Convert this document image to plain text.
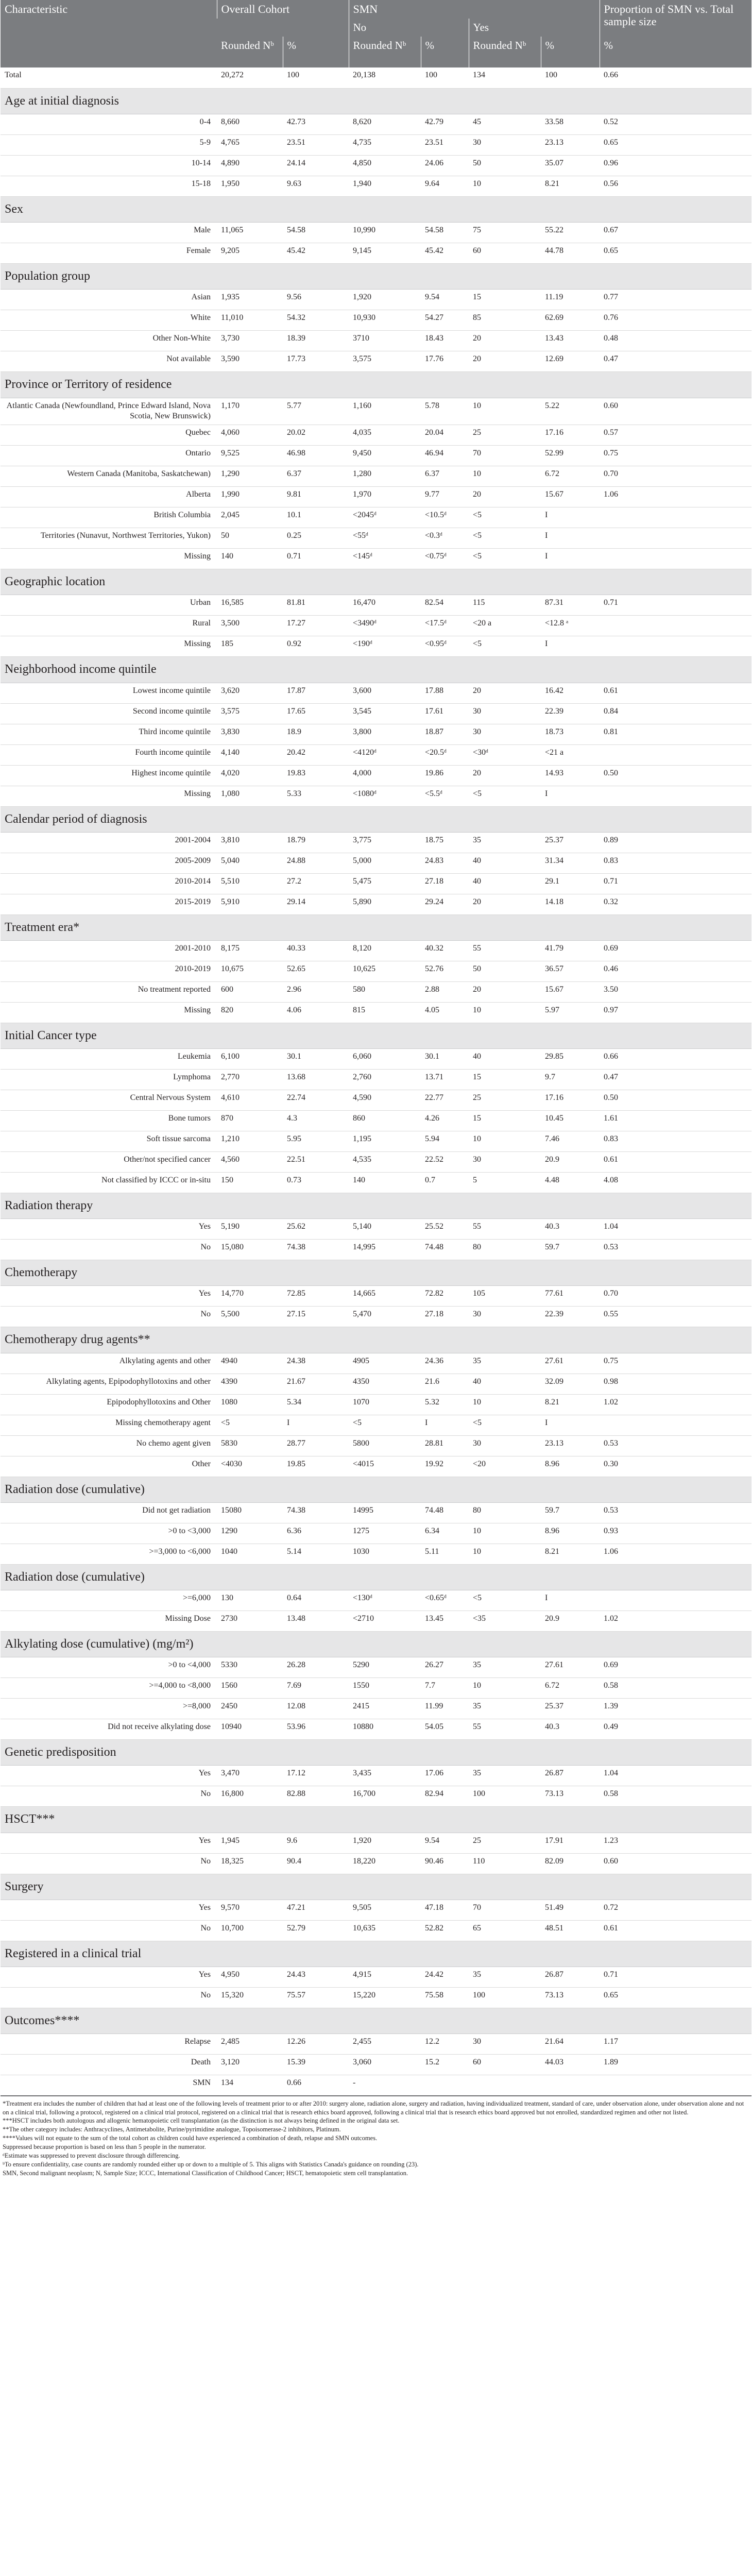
Characteristic	Overall Cohort		SMN				Proportion of SMN vs. Total sample size
			No		Yes		
	Rounded Nᵇ	%	Rounded Nᵇ	%	Rounded Nᵇ	%	%
Total	20,272	100	20,138	100	134	100	0.66
Age at initial diagnosis							
0-4	8,660	42.73	8,620	42.79	45	33.58	0.52
5-9	4,765	23.51	4,735	23.51	30	23.13	0.65
10-14	4,890	24.14	4,850	24.06	50	35.07	0.96
15-18	1,950	9.63	1,940	9.64	10	8.21	0.56
Sex							
Male	11,065	54.58	10,990	54.58	75	55.22	0.67
Female	9,205	45.42	9,145	45.42	60	44.78	0.65
Population group							
Asian	1,935	9.56	1,920	9.54	15	11.19	0.77
White	11,010	54.32	10,930	54.27	85	62.69	0.76
Other Non-White	3,730	18.39	3710	18.43	20	13.43	0.48
Not available	3,590	17.73	3,575	17.76	20	12.69	0.47
Province or Territory of residence							
Atlantic Canada (Newfoundland, Prince Edward Island, Nova Scotia, New Brunswick)	1,170	5.77	1,160	5.78	10	5.22	0.60
Quebec	4,060	20.02	4,035	20.04	25	17.16	0.57
Ontario	9,525	46.98	9,450	46.94	70	52.99	0.75
Western Canada (Manitoba, Saskatchewan)	1,290	6.37	1,280	6.37	10	6.72	0.70
Alberta	1,990	9.81	1,970	9.77	20	15.67	1.06
British Columbia	2,045	10.1	<2045ᵈ	<10.5ᵈ	<5	I	
Territories (Nunavut, Northwest Territories, Yukon)	50	0.25	<55ᵈ	<0.3ᵈ	<5	I	
Missing	140	0.71	<145ᵈ	<0.75ᵈ	<5	I	
Geographic location							
Urban	16,585	81.81	16,470	82.54	115	87.31	0.71
Rural	3,500	17.27	<3490ᵈ	<17.5ᵈ	<20 a	<12.8 ᵃ	
Missing	185	0.92	<190ᵈ	<0.95ᵈ	<5	I	
Neighborhood income quintile							
Lowest income quintile	3,620	17.87	3,600	17.88	20	16.42	0.61
Second income quintile	3,575	17.65	3,545	17.61	30	22.39	0.84
Third income quintile	3,830	18.9	3,800	18.87	30	18.73	0.81
Fourth income quintile	4,140	20.42	<4120ᵈ	<20.5ᵈ	<30ᵈ	<21 a	
Highest income quintile	4,020	19.83	4,000	19.86	20	14.93	0.50
Missing	1,080	5.33	<1080ᵈ	<5.5ᵈ	<5	I	
Calendar period of diagnosis							
2001-2004	3,810	18.79	3,775	18.75	35	25.37	0.89
2005-2009	5,040	24.88	5,000	24.83	40	31.34	0.83
2010-2014	5,510	27.2	5,475	27.18	40	29.1	0.71
2015-2019	5,910	29.14	5,890	29.24	20	14.18	0.32
Treatment era*							
2001-2010	8,175	40.33	8,120	40.32	55	41.79	0.69
2010-2019	10,675	52.65	10,625	52.76	50	36.57	0.46
No treatment reported	600	2.96	580	2.88	20	15.67	3.50
Missing	820	4.06	815	4.05	10	5.97	0.97
Initial Cancer type							
Leukemia	6,100	30.1	6,060	30.1	40	29.85	0.66
Lymphoma	2,770	13.68	2,760	13.71	15	9.7	0.47
Central Nervous System	4,610	22.74	4,590	22.77	25	17.16	0.50
Bone tumors	870	4.3	860	4.26	15	10.45	1.61
Soft tissue sarcoma	1,210	5.95	1,195	5.94	10	7.46	0.83
Other/not specified cancer	4,560	22.51	4,535	22.52	30	20.9	0.61
Not classified by ICCC or in-situ	150	0.73	140	0.7	5	4.48	4.08
Radiation therapy							
Yes	5,190	25.62	5,140	25.52	55	40.3	1.04
No	15,080	74.38	14,995	74.48	80	59.7	0.53
Chemotherapy							
Yes	14,770	72.85	14,665	72.82	105	77.61	0.70
No	5,500	27.15	5,470	27.18	30	22.39	0.55
Chemotherapy drug agents**							
Alkylating agents and other	4940	24.38	4905	24.36	35	27.61	0.75
Alkylating agents, Epipodophyllotoxins and other	4390	21.67	4350	21.6	40	32.09	0.98
Epipodophyllotoxins and Other	1080	5.34	1070	5.32	10	8.21	1.02
Missing chemotherapy agent	<5	I	<5	I	<5	I	
No chemo agent given	5830	28.77	5800	28.81	30	23.13	0.53
Other	<4030	19.85	<4015	19.92	<20	8.96	0.30
Radiation dose (cumulative)							
Did not get radiation	15080	74.38	14995	74.48	80	59.7	0.53
>0 to <3,000	1290	6.36	1275	6.34	10	8.96	0.93
>=3,000 to <6,000	1040	5.14	1030	5.11	10	8.21	1.06
Radiation dose (cumulative)							
>=6,000	130	0.64	<130ᵈ	<0.65ᵈ	<5	I	
Missing Dose	2730	13.48	<2710	13.45	<35	20.9	1.02
Alkylating dose (cumulative) (mg/m²)							
>0 to <4,000	5330	26.28	5290	26.27	35	27.61	0.69
>=4,000 to <8,000	1560	7.69	1550	7.7	10	6.72	0.58
>=8,000	2450	12.08	2415	11.99	35	25.37	1.39
Did not receive alkylating dose	10940	53.96	10880	54.05	55	40.3	0.49
Genetic predisposition							
Yes	3,470	17.12	3,435	17.06	35	26.87	1.04
No	16,800	82.88	16,700	82.94	100	73.13	0.58
HSCT***							
Yes	1,945	9.6	1,920	9.54	25	17.91	1.23
No	18,325	90.4	18,220	90.46	110	82.09	0.60
Surgery							
Yes	9,570	47.21	9,505	47.18	70	51.49	0.72
No	10,700	52.79	10,635	52.82	65	48.51	0.61
Registered in a clinical trial							
Yes	4,950	24.43	4,915	24.42	35	26.87	0.71
No	15,320	75.57	15,220	75.58	100	73.13	0.65
Outcomes****							
Relapse	2,485	12.26	2,455	12.2	30	21.64	1.17
Death	3,120	15.39	3,060	15.2	60	44.03	1.89
SMN	134	0.66	-				

*Treatment era includes the number of children that had at least one of the following levels of treatment prior to or after 2010: surgery alone, radiation alone, surgery and radiation, having individualized treatment, standard of care, under observation alone, under observation alone and not on a clinical trial, following a protocol, registered on a clinical trial protocol, registered on a clinical trial that is research ethics board approved, following a clinical trial that is research ethics board approved but not enrolled, standardized regimen and other not listed.

***HSCT includes both autologous and allogenic hematopoietic cell transplantation (as the distinction is not always being defined in the original data set.

**The other category includes: Anthracyclines, Antimetabolite, Purine/pyrimidine analogue, Topoisomerase-2 inhibitors, Platinum.

****Values will not equate to the sum of the total cohort as children could have experienced a combination of death, relapse and SMN outcomes.

Suppressed because proportion is based on less than 5 people in the numerator.

ᵈEstimate was suppressed to prevent disclosure through differencing.

ᵇTo ensure confidentiality, case counts are randomly rounded either up or down to a multiple of 5. This aligns with Statistics Canada's guidance on rounding (23).

SMN, Second malignant neoplasm; N, Sample Size; ICCC, International Classification of Childhood Cancer; HSCT, hematopoietic stem cell transplantation.
